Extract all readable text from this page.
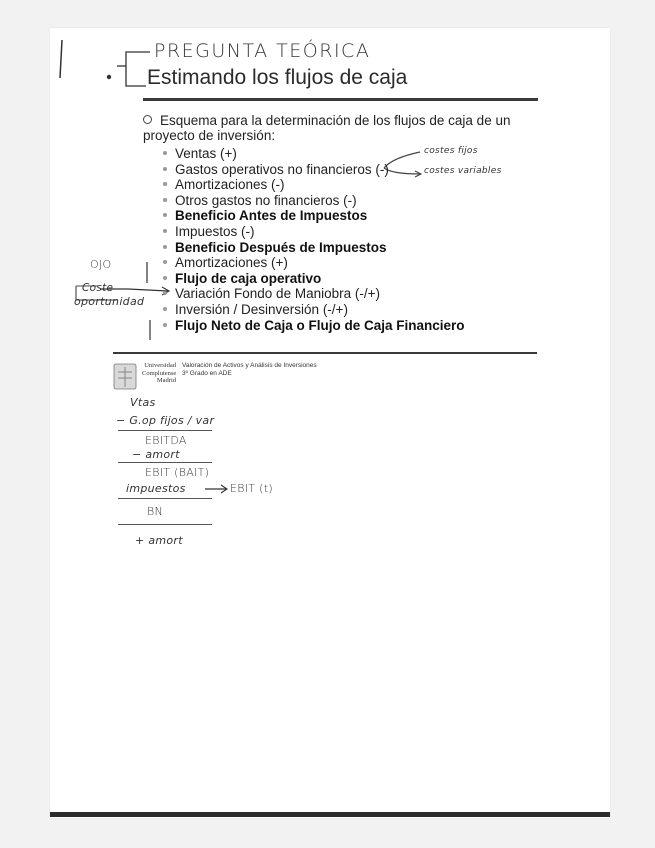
PREGUNTA TEÓRICA
Estimando los flujos de caja
Esquema para la determinación de los flujos de caja de un proyecto de inversión:
Ventas (+)
Gastos operativos no financieros (-)
Amortizaciones (-)
Otros gastos no financieros (-)
Beneficio Antes de Impuestos
Impuestos (-)
Beneficio Después de Impuestos
Amortizaciones (+)
Flujo de caja operativo
Variación Fondo de Maniobra (-/+)
Inversión / Desinversión (-/+)
Flujo Neto de Caja o Flujo de Caja Financiero
OJO
Coste
oportunidad
costes fijos
costes variables
Universidad
Complutense
Madrid
Valoración de Activos y Análisis de Inversiones
3º Grado en ADE
Vtas
− G.op fijos / var
EBITDA
− amort
EBIT (BAIT)
impuestos	EBIT (t)
BN
+ amort
